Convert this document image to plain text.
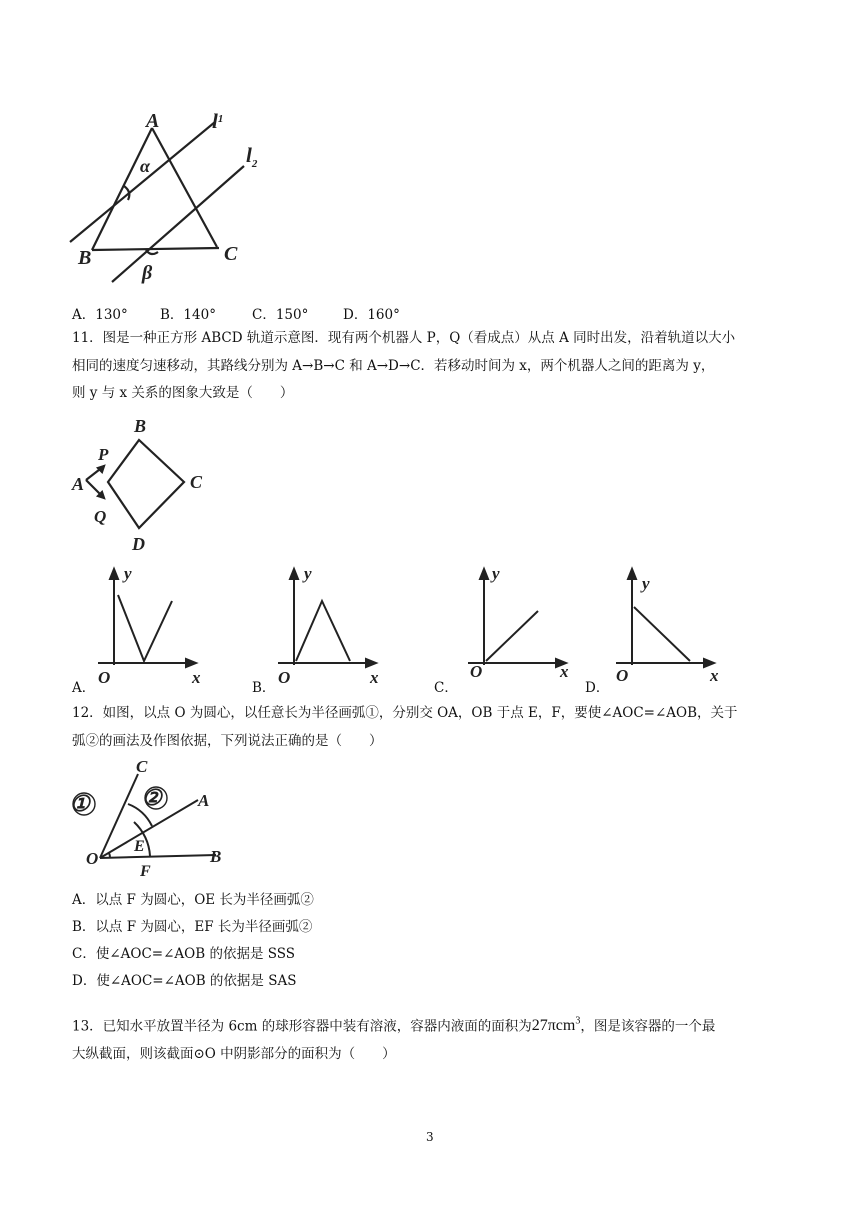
A
B	C
α
β
$l^1$
$l_2$
A．130° B．140°	C．150°	D．160°
11．图是一种正方形 ABCD 轨道示意图．现有两个机器人 P，Q（看成点）从点 A 同时出发，沿着轨道以大小
相同的速度匀速移动，其路线分别为 A→B→C 和 A→D→C．若移动时间为 x，两个机器人之间的距离为 y，
则 y 与 x 关系的图象大致是（　　）
B
C
D
A
P
Q
y
x
O
y
x
O
y
x
O
y
x
O
A．	B．	C．	D．
12．如图，以点 O 为圆心，以任意长为半径画弧①，分别交 OA，OB 于点 E，F，要使∠AOC=∠AOB，关于
弧②的画法及作图依据，下列说法正确的是（　　）
① ②
C
A
B
O
E
F
A．以点 F 为圆心，OE 长为半径画弧②
B．以点 F 为圆心，EF 长为半径画弧②
C．使∠AOC=∠AOB 的依据是 SSS
D．使∠AOC=∠AOB 的依据是 SAS
13．已知水平放置半径为 6cm 的球形容器中装有溶液，容器内液面的面积为27πcm$^3$，图是该容器的一个最
大纵截面，则该截面⊙O 中阴影部分的面积为（　　）
3
